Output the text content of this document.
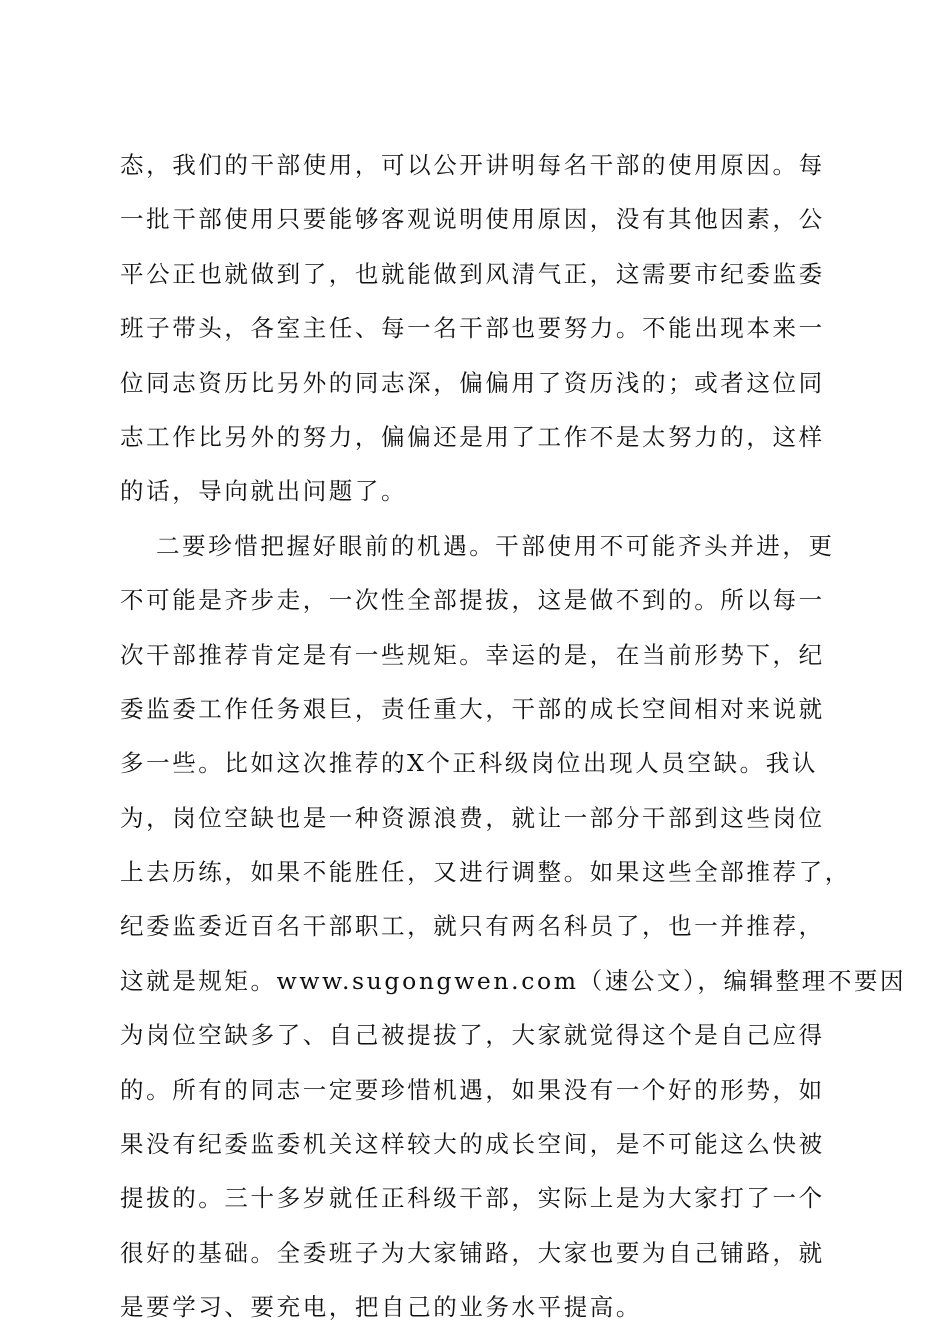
态，我们的干部使用，可以公开讲明每名干部的使用原因。每
一批干部使用只要能够客观说明使用原因，没有其他因素，公
平公正也就做到了，也就能做到风清气正，这需要市纪委监委
班子带头，各室主任、每一名干部也要努力。不能出现本来一
位同志资历比另外的同志深，偏偏用了资历浅的；或者这位同
志工作比另外的努力，偏偏还是用了工作不是太努力的，这样
的话，导向就出问题了。
二要珍惜把握好眼前的机遇。干部使用不可能齐头并进，更
不可能是齐步走，一次性全部提拔，这是做不到的。所以每一
次干部推荐肯定是有一些规矩。幸运的是，在当前形势下，纪
委监委工作任务艰巨，责任重大，干部的成长空间相对来说就
多一些。比如这次推荐的X个正科级岗位出现人员空缺。我认
为，岗位空缺也是一种资源浪费，就让一部分干部到这些岗位
上去历练，如果不能胜任，又进行调整。如果这些全部推荐了，
纪委监委近百名干部职工，就只有两名科员了，也一并推荐，
这就是规矩。www.sugongwen.com（速公文），编辑整理不要因
为岗位空缺多了、自己被提拔了，大家就觉得这个是自己应得
的。所有的同志一定要珍惜机遇，如果没有一个好的形势，如
果没有纪委监委机关这样较大的成长空间，是不可能这么快被
提拔的。三十多岁就任正科级干部，实际上是为大家打了一个
很好的基础。全委班子为大家铺路，大家也要为自己铺路，就
是要学习、要充电，把自己的业务水平提高。
